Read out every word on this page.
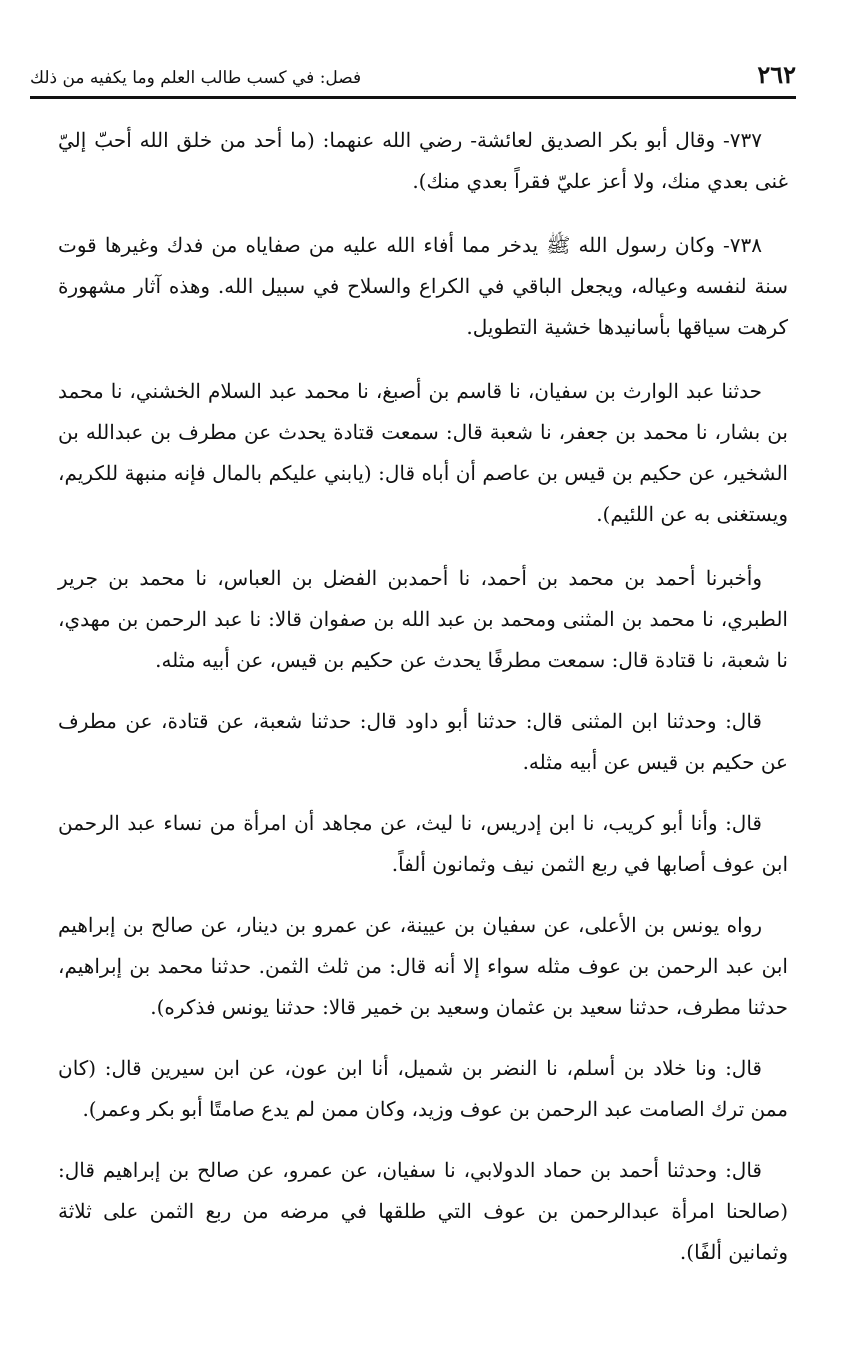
٢٦٢
فصل: في كسب طالب العلم وما يكفيه من ذلك

٧٣٧- وقال أبو بكر الصديق لعائشة- رضي الله عنهما: (ما أحد من خلق الله أحبّ إليّ غنى بعدي منك، ولا أعز عليّ فقراً بعدي منك).

٧٣٨- وكان رسول الله ﷺ يدخر مما أفاء الله عليه من صفاياه من فدك وغيرها قوت سنة لنفسه وعياله، ويجعل الباقي في الكراع والسلاح في سبيل الله. وهذه آثار مشهورة كرهت سياقها بأسانيدها خشية التطويل.

حدثنا عبد الوارث بن سفيان، نا قاسم بن أصبغ، نا محمد عبد السلام الخشني، نا محمد بن بشار، نا محمد بن جعفر، نا شعبة قال: سمعت قتادة يحدث عن مطرف بن عبدالله بن الشخير، عن حكيم بن قيس بن عاصم أن أباه قال: (يابني عليكم بالمال فإنه منبهة للكريم، ويستغنى به عن اللئيم).

وأخبرنا أحمد بن محمد بن أحمد، نا أحمدبن الفضل بن العباس، نا محمد بن جرير الطبري، نا محمد بن المثنى ومحمد بن عبد الله بن صفوان قالا: نا عبد الرحمن بن مهدي، نا شعبة، نا قتادة قال: سمعت مطرفًا يحدث عن حكيم بن قيس، عن أبيه مثله.

قال: وحدثنا ابن المثنى قال: حدثنا أبو داود قال: حدثنا شعبة، عن قتادة، عن مطرف عن حكيم بن قيس عن أبيه مثله.

قال: وأنا أبو كريب، نا ابن إدريس، نا ليث، عن مجاهد أن امرأة من نساء عبد الرحمن ابن عوف أصابها في ربع الثمن نيف وثمانون ألفاً.

رواه يونس بن الأعلى، عن سفيان بن عيينة، عن عمرو بن دينار، عن صالح بن إبراهيم ابن عبد الرحمن بن عوف مثله سواء إلا أنه قال: من ثلث الثمن. حدثنا محمد بن إبراهيم، حدثنا مطرف، حدثنا سعيد بن عثمان وسعيد بن خمير قالا: حدثنا يونس فذكره).

قال: ونا خلاد بن أسلم، نا النضر بن شميل، أنا ابن عون، عن ابن سيرين قال: (كان ممن ترك الصامت عبد الرحمن بن عوف وزيد، وكان ممن لم يدع صامتًا أبو بكر وعمر).

قال: وحدثنا أحمد بن حماد الدولابي، نا سفيان، عن عمرو، عن صالح بن إبراهيم قال: (صالحنا امرأة عبدالرحمن بن عوف التي طلقها في مرضه من ربع الثمن على ثلاثة وثمانين ألفًا).
